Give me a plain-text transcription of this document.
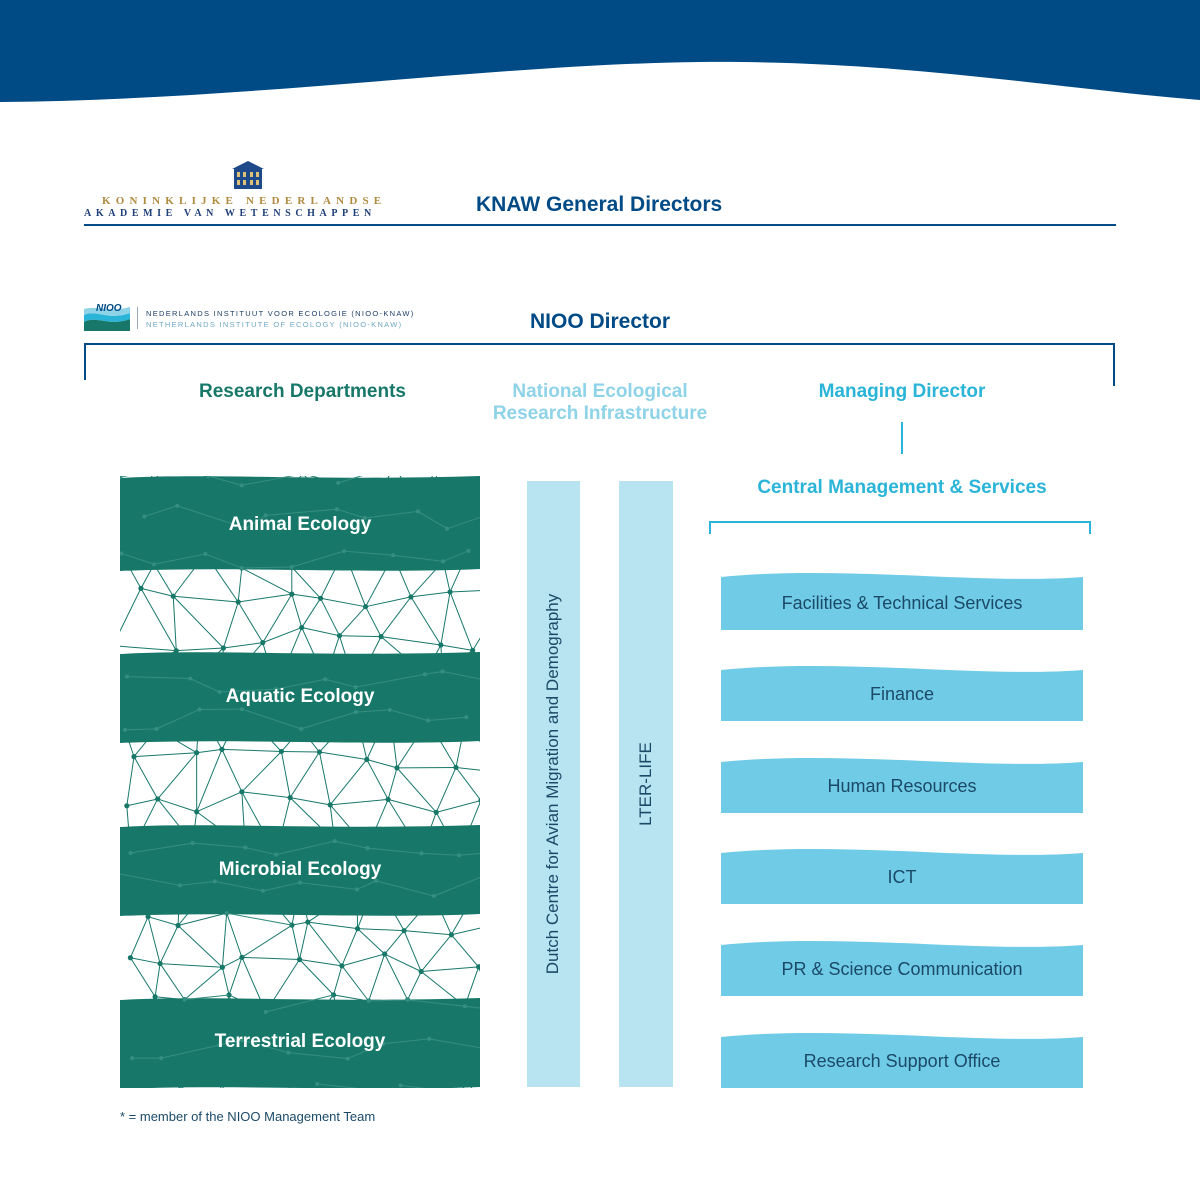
KONINKLIJKE NEDERLANDSE
AKADEMIE VAN WETENSCHAPPEN	KNAW General Directors
NIOO	NEDERLANDS INSTITUUT VOOR ECOLOGIE (NIOO-KNAW)
NETHERLANDS INSTITUTE OF ECOLOGY (NIOO-KNAW)	NIOO Director
Research Departments	National Ecological
Research Infrastructure
Managing Director
Animal Ecology
Aquatic Ecology
Microbial Ecology
Terrestrial Ecology
Dutch Centre for Avian Migration and Demography	LTER-LIFE
Central Management & Services
Facilities & Technical Services
Finance
Human Resources
ICT
PR & Science Communication
Research Support Office
* = member of the NIOO Management Team
